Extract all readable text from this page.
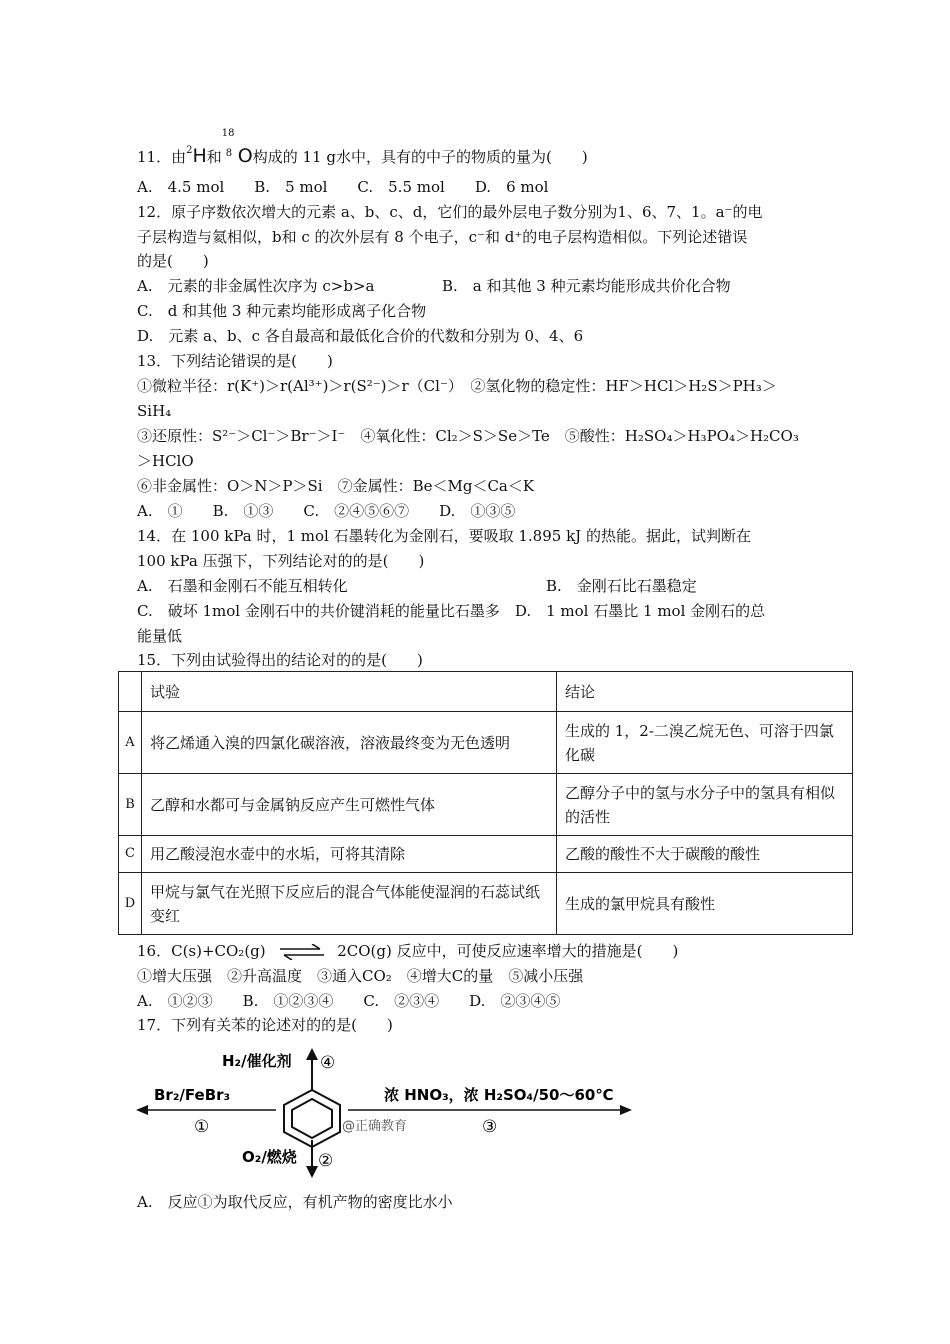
11．由$^2$H和
18
8 O构成的 11 g水中，具有的中子的物质的量为(　　)
A.　4.5 mol　　B.　5 mol　　C.　5.5 mol　　D.　6 mol
12．原子序数依次增大的元素 a、b、c、d，它们的最外层电子数分别为1、6、7、1。a⁻的电
子层构造与氦相似，b和 c 的次外层有 8 个电子，c⁻和 d⁺的电子层构造相似。下列论述错误
的是(　　)
A.　元素的非金属性次序为 c>b>a	B.　a 和其他 3 种元素均能形成共价化合物
C.　d 和其他 3 种元素均能形成离子化合物
D.　元素 a、b、c 各自最高和最低化合价的代数和分别为 0、4、6
13．下列结论错误的是(　　)
①微粒半径：r(K⁺)＞r(Al³⁺)＞r(S²⁻)＞r（Cl⁻）　②氢化物的稳定性：HF＞HCl＞H₂S＞PH₃＞
SiH₄
③还原性：S²⁻＞Cl⁻＞Br⁻＞I⁻　④氧化性：Cl₂＞S＞Se＞Te　⑤酸性：H₂SO₄＞H₃PO₄＞H₂CO₃
＞HClO
⑥非金属性：O＞N＞P＞Si　⑦金属性：Be＜Mg＜Ca＜K
A.　①　　B.　①③　　C.　②④⑤⑥⑦　　D.　①③⑤
14．在 100 kPa 时，1 mol 石墨转化为金刚石，要吸取 1.895 kJ 的热能。据此，试判断在
100 kPa 压强下，下列结论对的的是(　　)
A.　石墨和金刚石不能互相转化	B.　金刚石比石墨稳定
C.　破坏 1mol 金刚石中的共价键消耗的能量比石墨多　D.　1 mol 石墨比 1 mol 金刚石的总
能量低
15．下列由试验得出的结论对的的是(　　)
	试验	结论
A	将乙烯通入溴的四氯化碳溶液，溶液最终变为无色透明	生成的 1，2-二溴乙烷无色、可溶于四氯化碳
B	乙醇和水都可与金属钠反应产生可燃性气体	乙醇分子中的氢与水分子中的氢具有相似的活性
C	用乙酸浸泡水壶中的水垢，可将其清除	乙酸的酸性不大于碳酸的酸性
D	甲烷与氯气在光照下反应后的混合气体能使湿润的石蕊试纸变红	生成的氯甲烷具有酸性
16．C(s)+CO₂(g) ⇌ 2CO(g) 反应中，可使反应速率增大的措施是(　　)
①增大压强　②升高温度　③通入CO₂　④增大C的量　⑤减小压强
A.　①②③　　B.　①②③④　　C.　②③④　　D.　②③④⑤
17．下列有关苯的论述对的的是(　　)
H₂/催化剂 ④
Br₂/FeBr₃
①
浓 HNO₃，浓 H₂SO₄/50～60℃
③
O₂/燃烧 ②
@正确教育
A.　反应①为取代反应，有机产物的密度比水小
